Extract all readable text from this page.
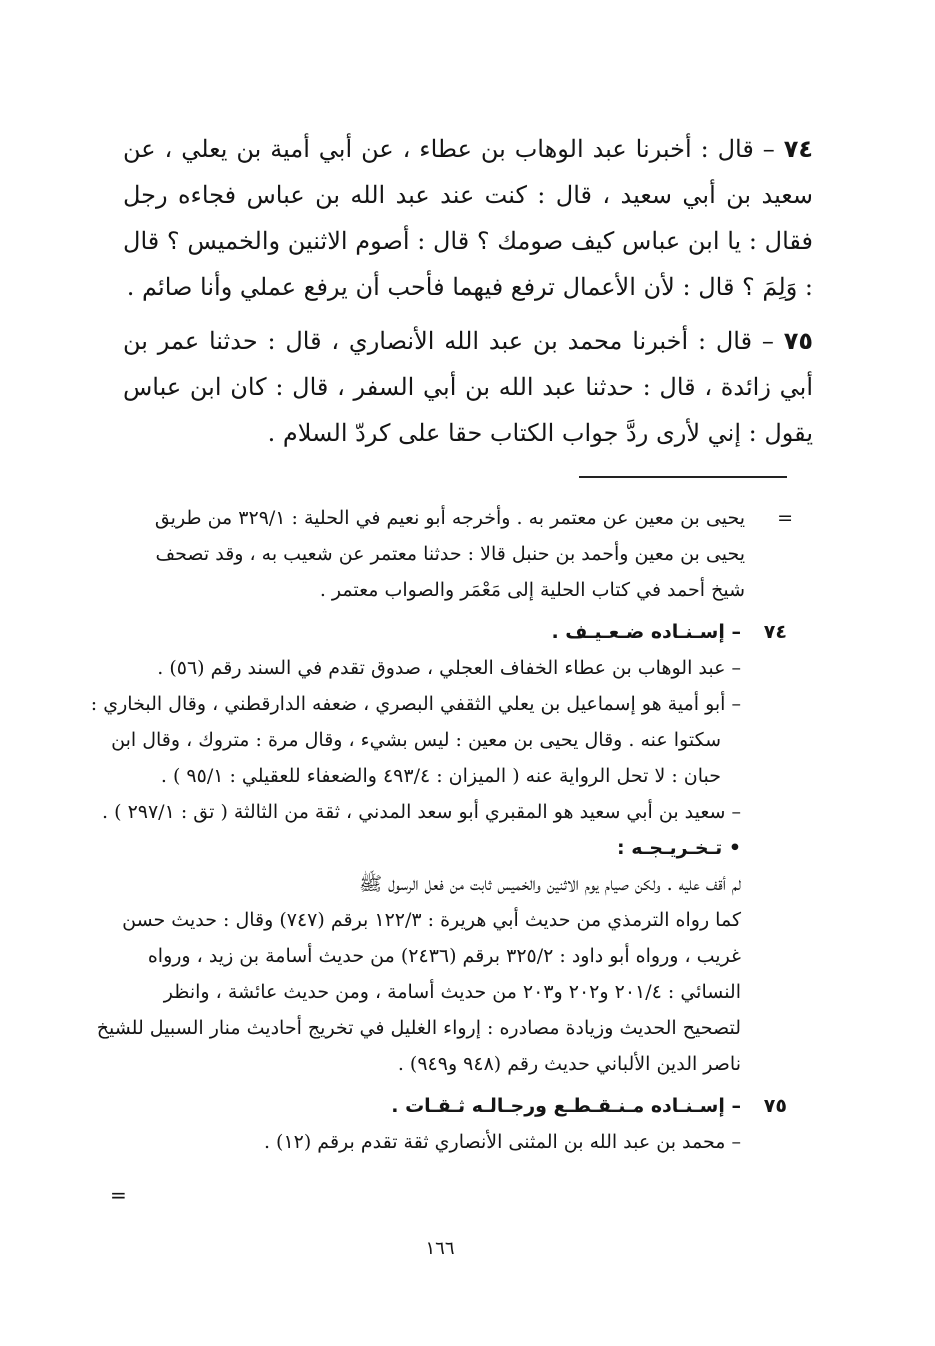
٧٤ – قال : أخبرنا عبد الوهاب بن عطاء ، عن أبي أمية بن يعلي ، عن سعيد بن أبي سعيد ، قال : كنت عند عبد الله بن عباس فجاءه رجل فقال : يا ابن عباس كيف صومك ؟ قال : أصوم الاثنين والخميس ؟ قال : وَلِمَ ؟ قال : لأن الأعمال ترفع فيهما فأحب أن يرفع عملي وأنا صائم .

٧٥ – قال : أخبرنا محمد بن عبد الله الأنصاري ، قال : حدثنا عمر بن أبي زائدة ، قال : حدثنا عبد الله بن أبي السفر ، قال : كان ابن عباس يقول : إني لأرى ردَّ جواب الكتاب حقا على كردّ السلام .

=
يحيى بن معين عن معتمر به . وأخرجه أبو نعيم في الحلية : ٣٢٩/١ من طريق
يحيى بن معين وأحمد بن حنبل قالا : حدثنا معتمر عن شعيب به ، وقد تصحف
شيخ أحمد في كتاب الحلية إلى مَعْمَر والصواب معتمر .
٧٤– إسـنـاده ضـعـيـف .
– عبد الوهاب بن عطاء الخفاف العجلي ، صدوق تقدم في السند رقم (٥٦) .
– أبو أمية هو إسماعيل بن يعلي الثقفي البصري ، ضعفه الدارقطني ، وقال البخاري :
سكتوا عنه . وقال يحيى بن معين : ليس بشيء ، وقال مرة : متروك ، وقال ابن
حبان : لا تحل الرواية عنه ( الميزان : ٤٩٣/٤ والضعفاء للعقيلي : ٩٥/١ ) .
– سعيد بن أبي سعيد هو المقبري أبو سعد المدني ، ثقة من الثالثة ( تق : ٢٩٧/١ ) .
• تـخـريـجـه :
لم أقف عليه . ولكن صيام يوم الاثنين والخميس ثابت من فعل الرسول ﷺ
كما رواه الترمذي من حديث أبي هريرة : ١٢٢/٣ برقم (٧٤٧) وقال : حديث حسن
غريب ، ورواه أبو داود : ٣٢٥/٢ برقم (٢٤٣٦) من حديث أسامة بن زيد ، ورواه
النسائي : ٢٠١/٤ و٢٠٢ و٢٠٣ من حديث أسامة ، ومن حديث عائشة ، وانظر
لتصحيح الحديث وزيادة مصادره : إرواء الغليل في تخريج أحاديث منار السبيل للشيخ
ناصر الدين الألباني حديث رقم (٩٤٨ و٩٤٩) .
٧٥– إسـنـاده مـنـقـطـع ورجـالـه ثـقـات .
– محمد بن عبد الله بن المثنى الأنصاري ثقة تقدم برقم (١٢) .
=
١٦٦
